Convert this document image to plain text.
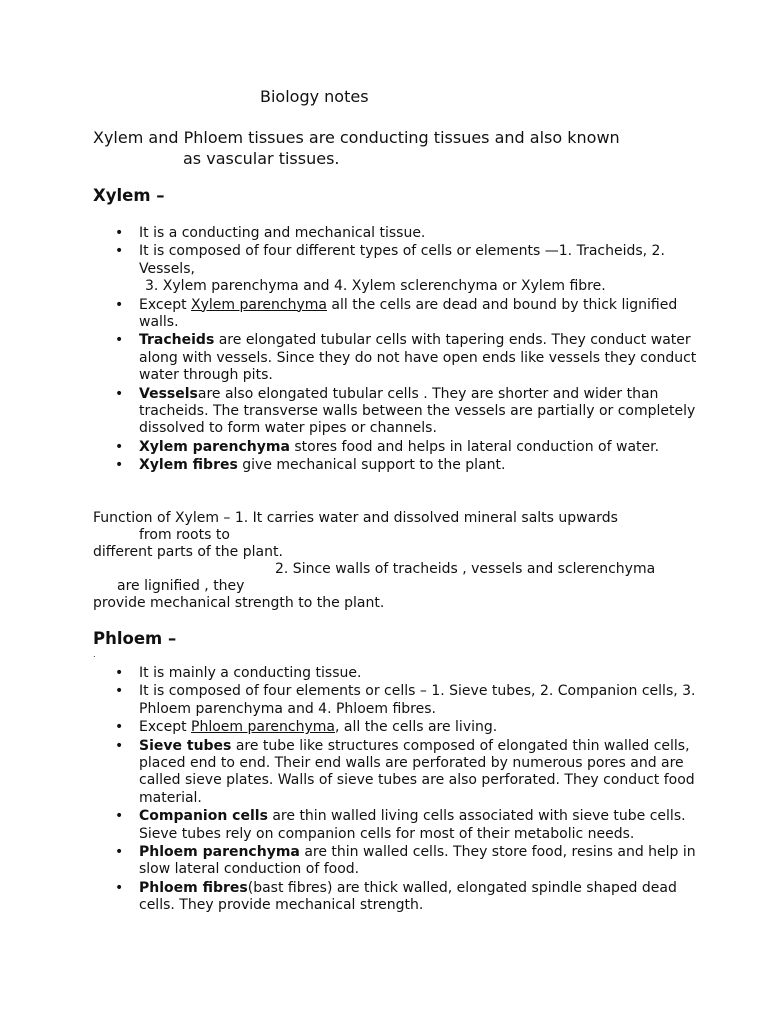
Biology notes
Xylem and Phloem tissues are conducting tissues and also known
as vascular tissues.
Xylem –
• It is a conducting and mechanical tissue.
• It is composed of four different types of cells or elements —1. Tracheids, 2. Vessels,
3. Xylem parenchyma and 4. Xylem sclerenchyma or Xylem fibre.
• Except Xylem parenchyma all the cells are dead and bound by thick lignified walls.
• Tracheids are elongated tubular cells with tapering ends. They conduct water along with vessels. Since they do not have open ends like vessels they conduct water through pits.
• Vesselsare also elongated tubular cells . They are shorter and wider than tracheids. The transverse walls between the vessels are partially or completely dissolved to form water pipes or channels.
• Xylem parenchyma stores food and helps in lateral conduction of water.
• Xylem fibres give mechanical support to the plant.
Function of Xylem – 1. It carries water and dissolved mineral salts upwards
from roots to
different parts of the plant.
2. Since walls of tracheids , vessels and sclerenchyma
are lignified , they
provide mechanical strength to the plant.
Phloem –
.
• It is mainly a conducting tissue.
• It is composed of four elements or cells – 1. Sieve tubes, 2. Companion cells, 3. Phloem parenchyma and 4. Phloem fibres.
• Except Phloem parenchyma, all the cells are living.
• Sieve tubes are tube like structures composed of elongated thin walled cells, placed end to end. Their end walls are perforated by numerous pores and are called sieve plates. Walls of sieve tubes are also perforated. They conduct food material.
• Companion cells are thin walled living cells associated with sieve tube cells. Sieve tubes rely on companion cells for most of their metabolic needs.
• Phloem parenchyma are thin walled cells. They store food, resins and help in slow lateral conduction of food.
• Phloem fibres(bast fibres) are thick walled, elongated spindle shaped dead cells. They provide mechanical strength.
